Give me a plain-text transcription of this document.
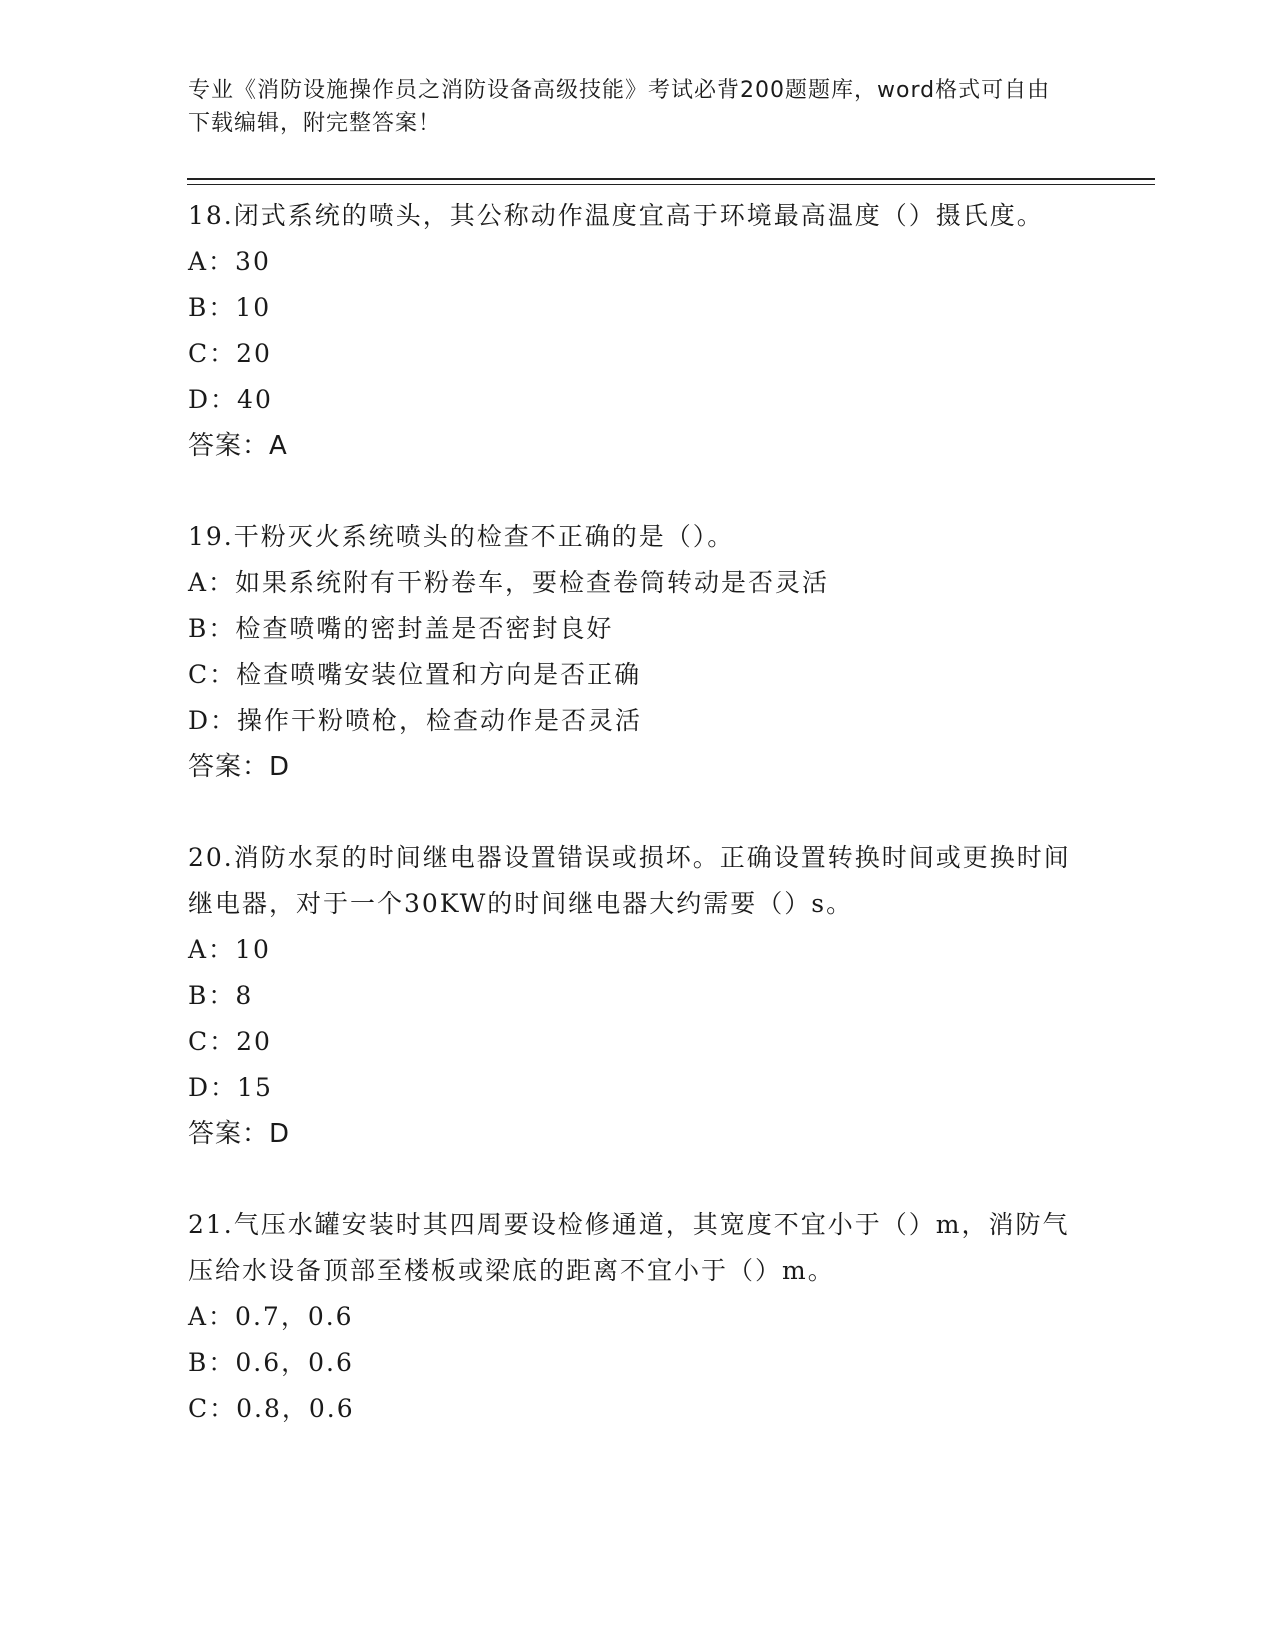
专业《消防设施操作员之消防设备高级技能》考试必背200题题库，word格式可自由下载编辑，附完整答案！
18.闭式系统的喷头，其公称动作温度宜高于环境最高温度（）摄氏度。
A：30
B：10
C：20
D：40
答案：A
19.干粉灭火系统喷头的检查不正确的是（）。
A：如果系统附有干粉卷车，要检查卷筒转动是否灵活
B：检查喷嘴的密封盖是否密封良好
C：检查喷嘴安装位置和方向是否正确
D：操作干粉喷枪，检查动作是否灵活
答案：D
20.消防水泵的时间继电器设置错误或损坏。正确设置转换时间或更换时间继电器，对于一个30KW的时间继电器大约需要（）s。
A：10
B：8
C：20
D：15
答案：D
21.气压水罐安装时其四周要设检修通道，其宽度不宜小于（）m，消防气压给水设备顶部至楼板或梁底的距离不宜小于（）m。
A：0.7，0.6
B：0.6，0.6
C：0.8，0.6
